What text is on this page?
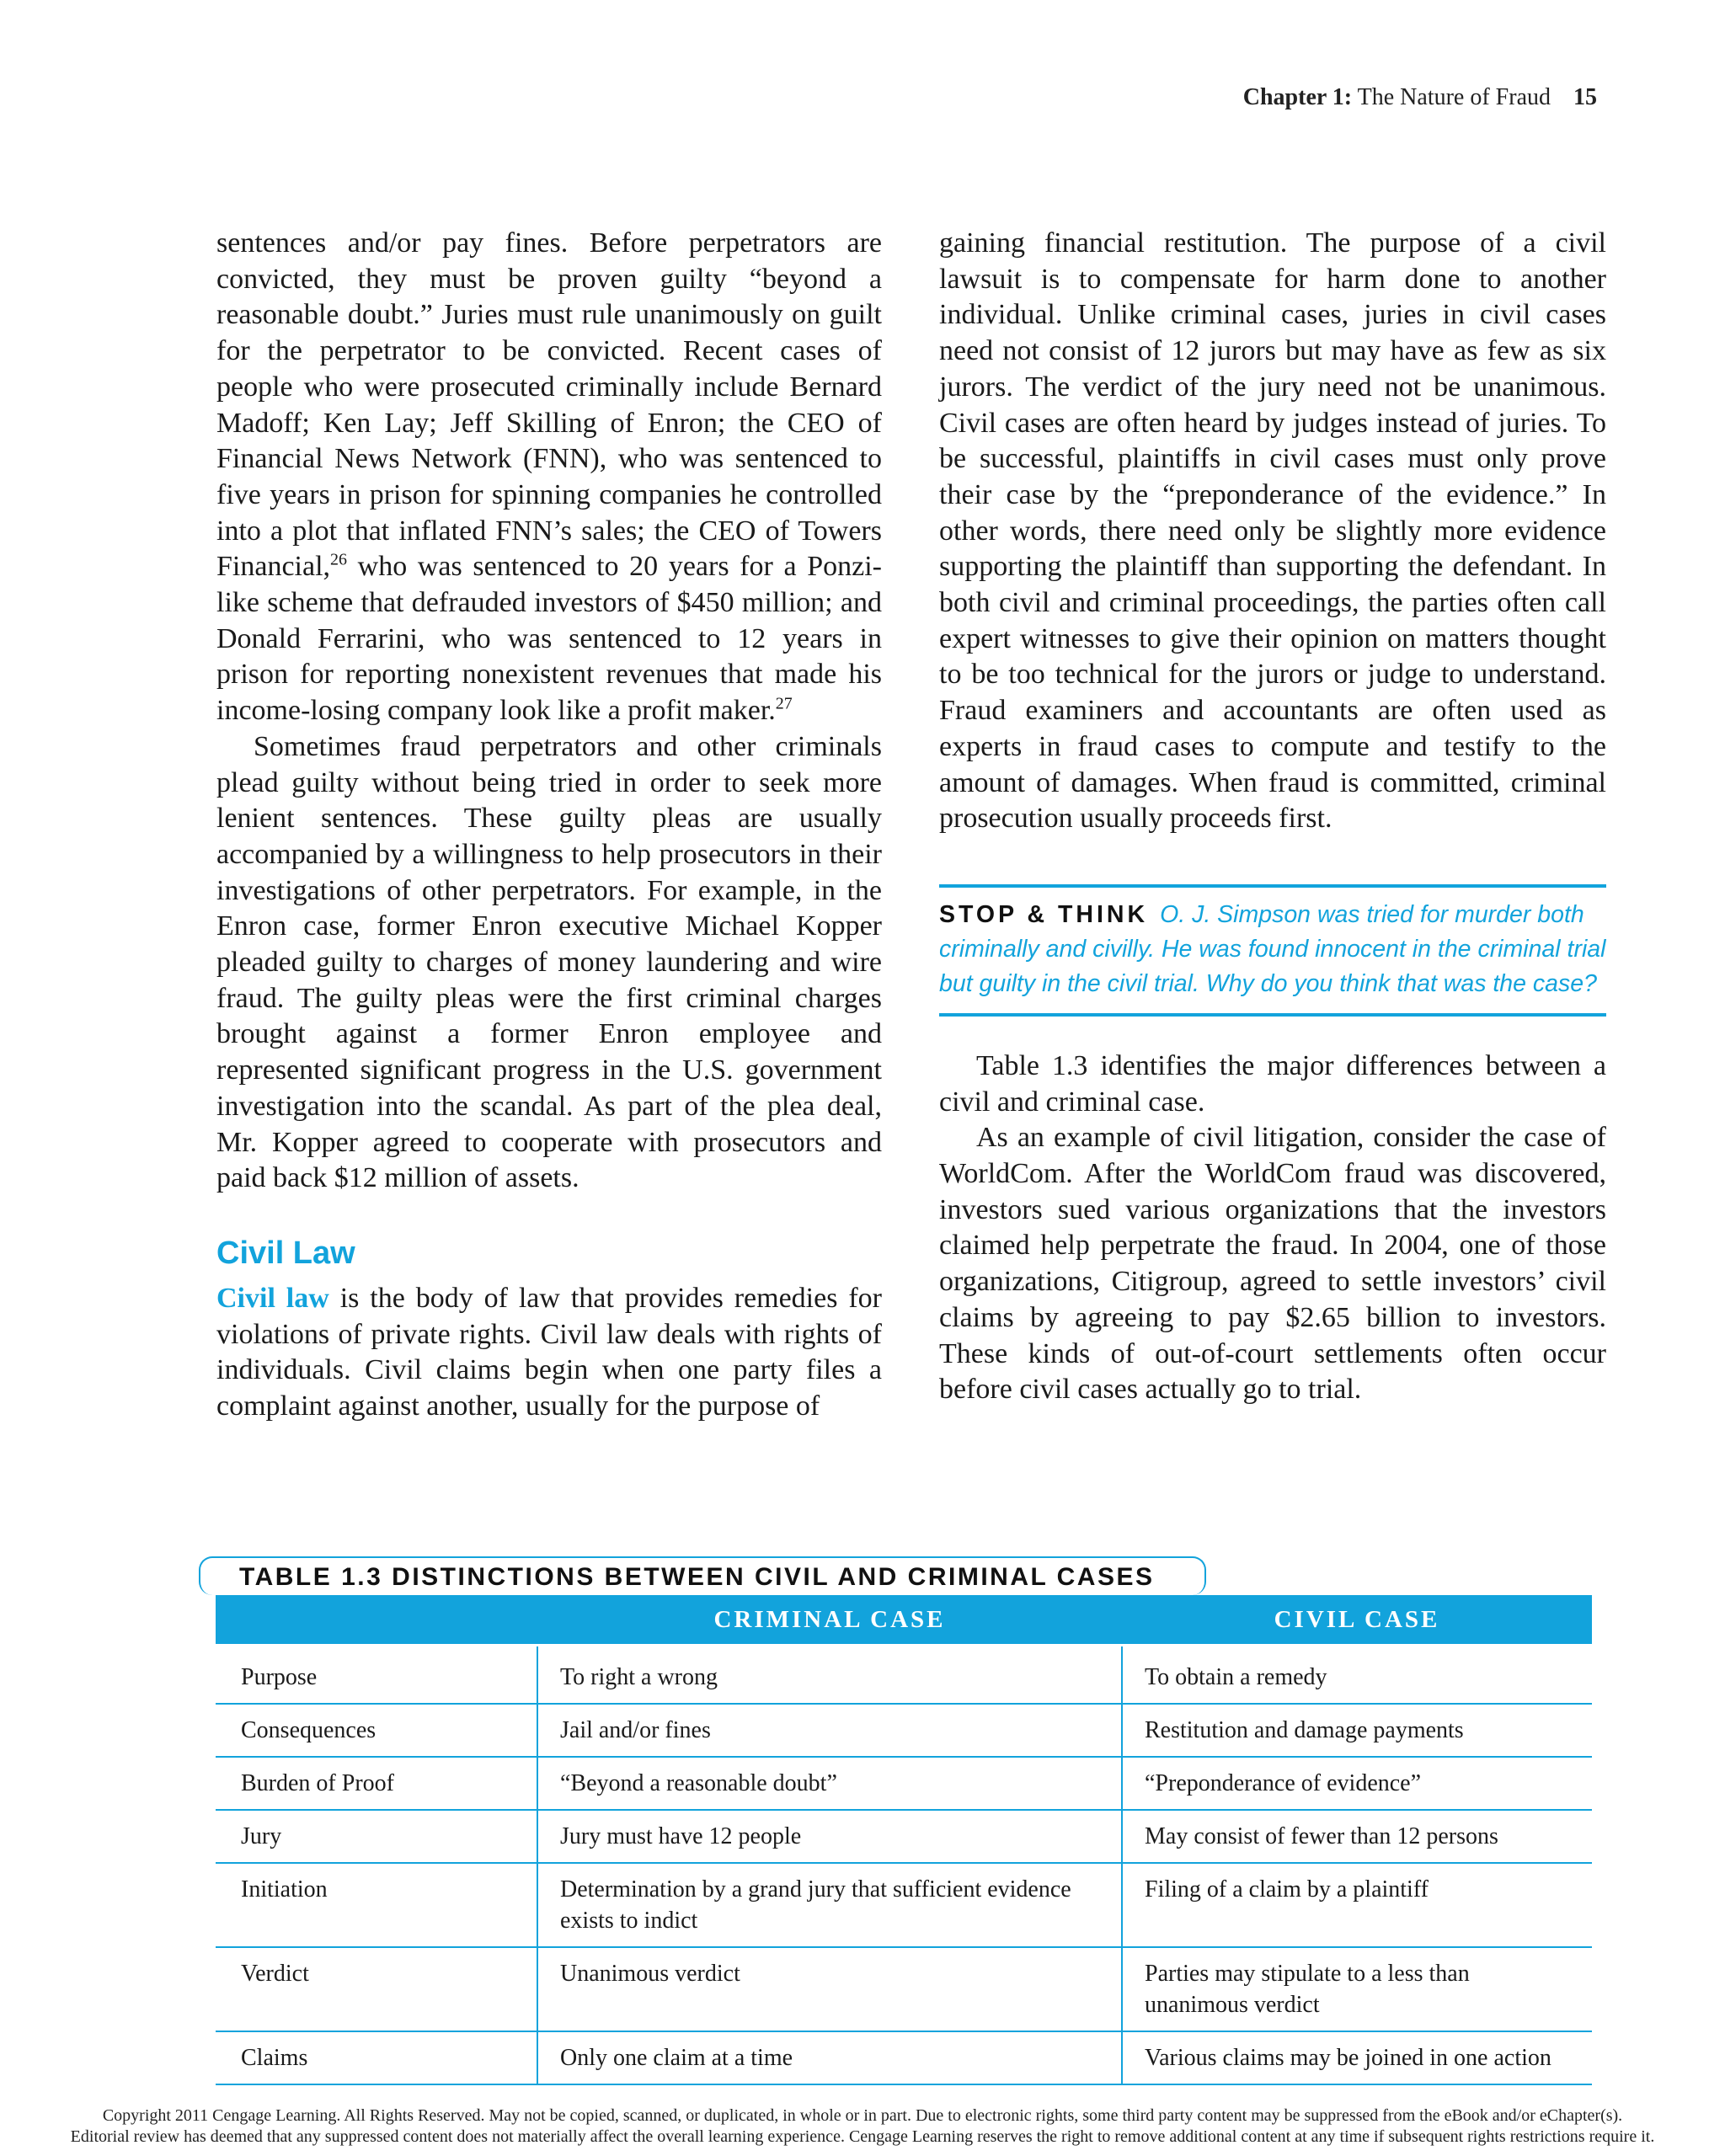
Chapter 1: The Nature of Fraud 15

sentences and/or pay fines. Before perpetrators are convicted, they must be proven guilty “beyond a reasonable doubt.” Juries must rule unanimously on guilt for the perpetrator to be convicted. Recent cases of people who were prosecuted criminally include Bernard Madoff; Ken Lay; Jeff Skilling of Enron; the CEO of Financial News Network (FNN), who was sentenced to five years in prison for spinning companies he controlled into a plot that inflated FNN’s sales; the CEO of Towers Financial,$^{26}$ who was sentenced to 20 years for a Ponzi-like scheme that defrauded investors of $450 million; and Donald Ferrarini, who was sentenced to 12 years in prison for reporting nonexistent revenues that made his income-losing company look like a profit maker.$^{27}$

Sometimes fraud perpetrators and other criminals plead guilty without being tried in order to seek more lenient sentences. These guilty pleas are usually accompanied by a willingness to help prosecutors in their investigations of other perpetrators. For example, in the Enron case, former Enron executive Michael Kopper pleaded guilty to charges of money laundering and wire fraud. The guilty pleas were the first criminal charges brought against a former Enron employee and represented significant progress in the U.S. government investigation into the scandal. As part of the plea deal, Mr. Kopper agreed to cooperate with prosecutors and paid back $12 million of assets.

Civil Law

Civil law is the body of law that provides remedies for violations of private rights. Civil law deals with rights of individuals. Civil claims begin when one party files a complaint against another, usually for the purpose of

gaining financial restitution. The purpose of a civil lawsuit is to compensate for harm done to another individual. Unlike criminal cases, juries in civil cases need not consist of 12 jurors but may have as few as six jurors. The verdict of the jury need not be unanimous. Civil cases are often heard by judges instead of juries. To be successful, plaintiffs in civil cases must only prove their case by the “preponderance of the evidence.” In other words, there need only be slightly more evidence supporting the plaintiff than supporting the defendant. In both civil and criminal proceedings, the parties often call expert witnesses to give their opinion on matters thought to be too technical for the jurors or judge to understand. Fraud examiners and accountants are often used as experts in fraud cases to compute and testify to the amount of damages. When fraud is committed, criminal prosecution usually proceeds first.

STOP & THINK O. J. Simpson was tried for murder both criminally and civilly. He was found innocent in the criminal trial but guilty in the civil trial. Why do you think that was the case?

Table 1.3 identifies the major differences between a civil and criminal case.

As an example of civil litigation, consider the case of WorldCom. After the WorldCom fraud was discovered, investors sued various organizations that the investors claimed help perpetrate the fraud. In 2004, one of those organizations, Citigroup, agreed to settle investors’ civil claims by agreeing to pay $2.65 billion to investors. These kinds of out-of-court settlements often occur before civil cases actually go to trial.

TABLE 1.3 DISTINCTIONS BETWEEN CIVIL AND CRIMINAL CASES
	CRIMINAL CASE	CIVIL CASE
Purpose	To right a wrong	To obtain a remedy
Consequences	Jail and/or fines	Restitution and damage payments
Burden of Proof	“Beyond a reasonable doubt”	“Preponderance of evidence”
Jury	Jury must have 12 people	May consist of fewer than 12 persons
Initiation	Determination by a grand jury that sufficient evidence exists to indict	Filing of a claim by a plaintiff
Verdict	Unanimous verdict	Parties may stipulate to a less than unanimous verdict
Claims	Only one claim at a time	Various claims may be joined in one action
Copyright 2011 Cengage Learning. All Rights Reserved. May not be copied, scanned, or duplicated, in whole or in part. Due to electronic rights, some third party content may be suppressed from the eBook and/or eChapter(s).
Editorial review has deemed that any suppressed content does not materially affect the overall learning experience. Cengage Learning reserves the right to remove additional content at any time if subsequent rights restrictions require it.
